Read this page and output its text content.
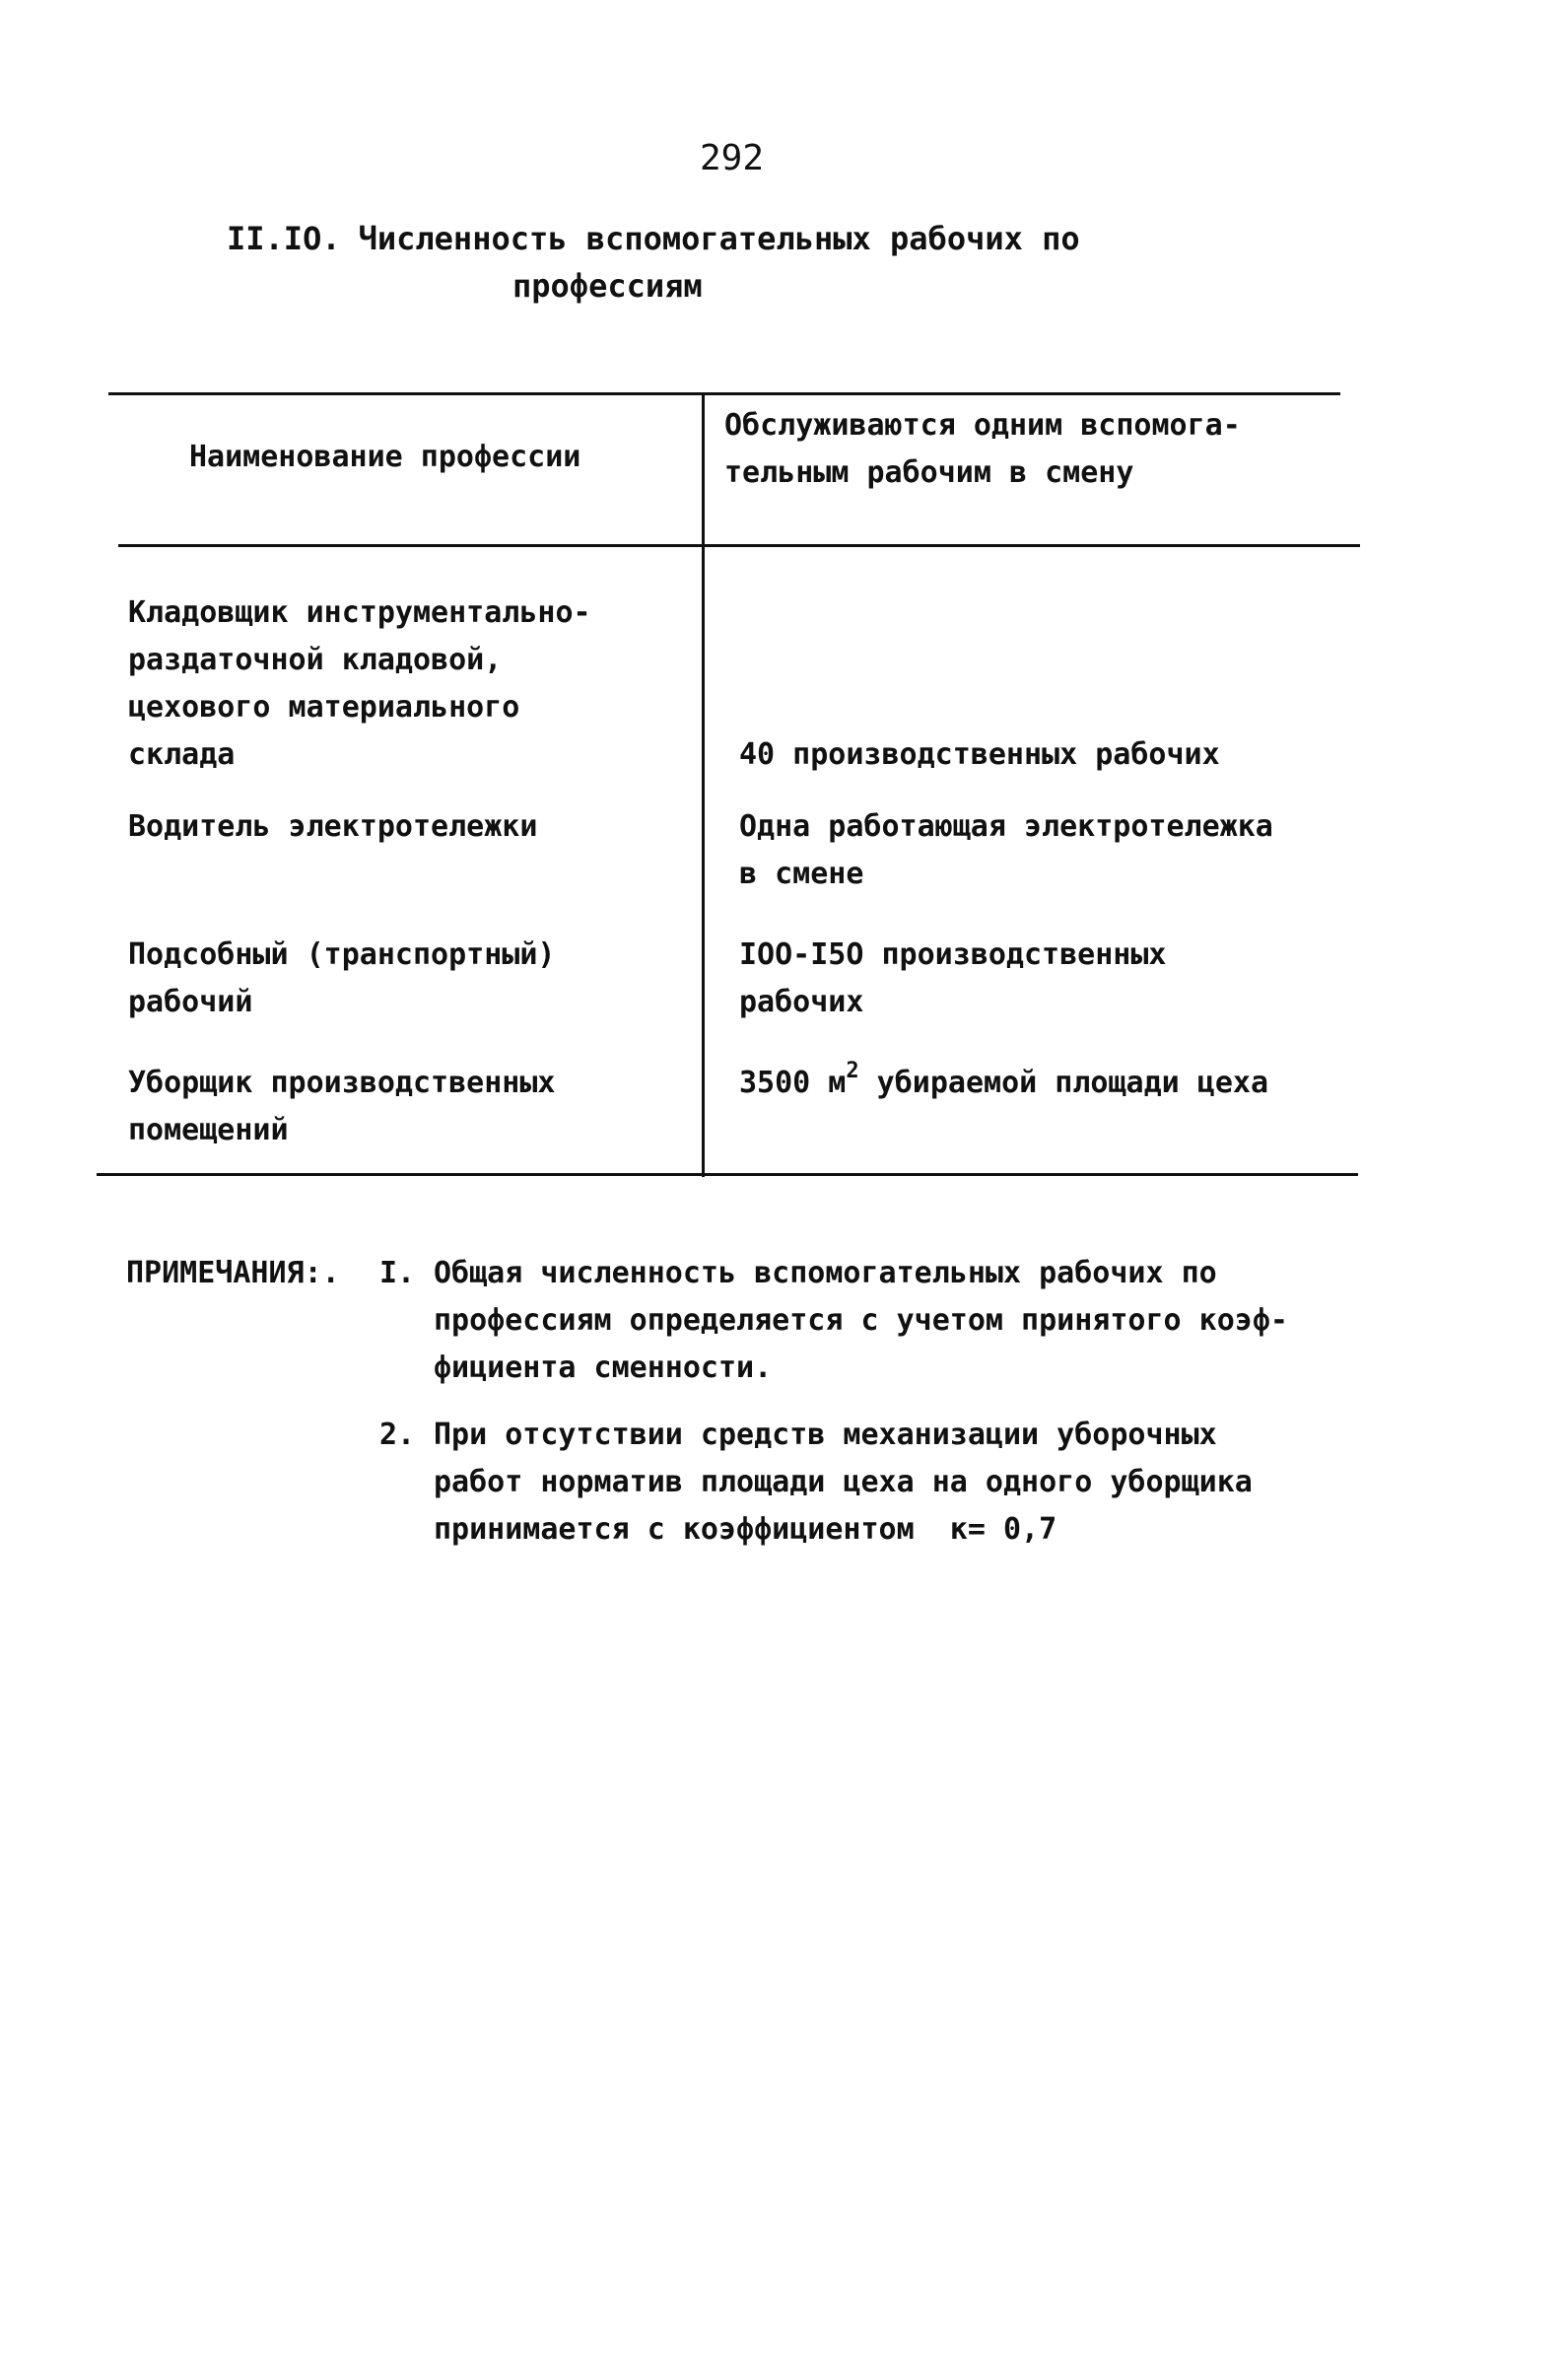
292
II.IO. Численность вспомогательных рабочих по
профессиям
Наименование профессии
Обслуживаются одним вспомога-
тельным рабочим в смену
Кладовщик инструментально-
раздаточной кладовой,
цехового материального
склада	40 производственных рабочих
Водитель электротележки	Одна работающая электротележка
в смене
Подсобный (транспортный)
рабочий
IOO-I5O производственных
рабочих
Уборщик производственных
помещений
3500 $м^2$ убираемой площади цеха
ПРИМЕЧАНИЯ:. I. Общая численность вспомогательных рабочих по
профессиям определяется с учетом принятого коэф-
фициента сменности.
2. При отсутствии средств механизации уборочных
работ норматив площади цеха на одного уборщика
принимается с коэффициентом  к= 0,7
